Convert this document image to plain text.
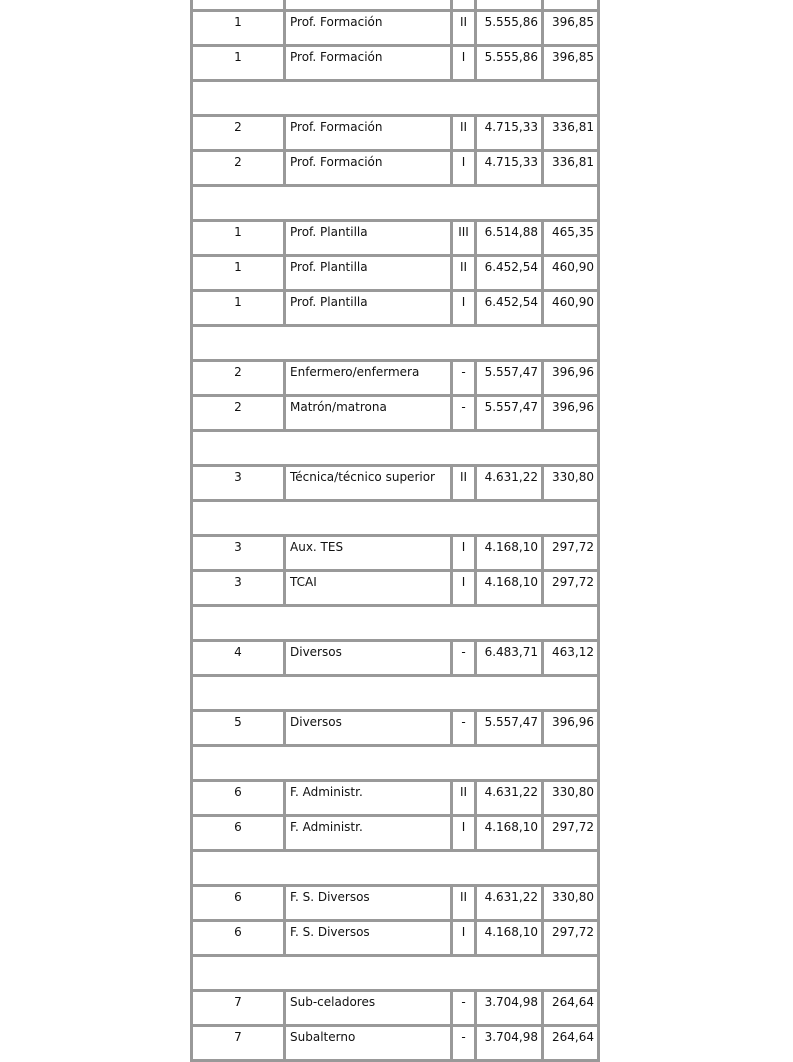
1	Prof. Formación	II	5.555,86	396,85
1	Prof. Formación	I	5.555,86	396,85

2	Prof. Formación	II	4.715,33	336,81
2	Prof. Formación	I	4.715,33	336,81

1	Prof. Plantilla	III	6.514,88	465,35
1	Prof. Plantilla	II	6.452,54	460,90
1	Prof. Plantilla	I	6.452,54	460,90

2	Enfermero/enfermera	-	5.557,47	396,96
2	Matrón/matrona	-	5.557,47	396,96

3	Técnica/técnico superior	II	4.631,22	330,80

3	Aux. TES	I	4.168,10	297,72
3	TCAI	I	4.168,10	297,72

4	Diversos	-	6.483,71	463,12

5	Diversos	-	5.557,47	396,96

6	F. Administr.	II	4.631,22	330,80
6	F. Administr.	I	4.168,10	297,72

6	F. S. Diversos	II	4.631,22	330,80
6	F. S. Diversos	I	4.168,10	297,72

7	Sub-celadores	-	3.704,98	264,64
7	Subalterno	-	3.704,98	264,64
